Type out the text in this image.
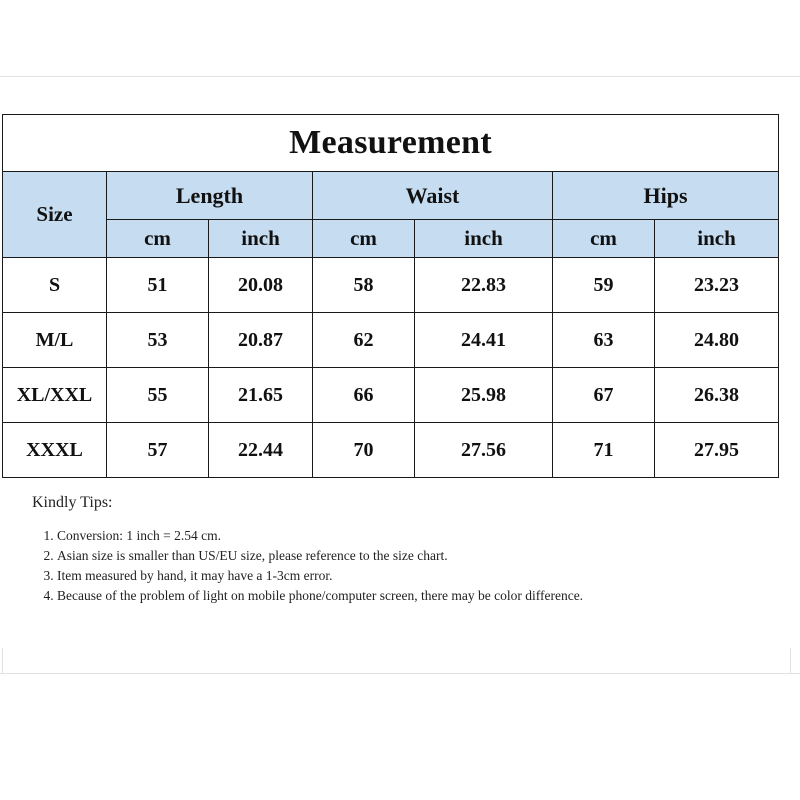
Measurement						
Size	Length		Waist		Hips	
	cm	inch	cm	inch	cm	inch
S	51	20.08	58	22.83	59	23.23
M/L	53	20.87	62	24.41	63	24.80
XL/XXL	55	21.65	66	25.98	67	26.38
XXXL	57	22.44	70	27.56	71	27.95
Kindly Tips:
1. Conversion: 1 inch = 2.54 cm.
2. Asian size is smaller than US/EU size, please reference to the size chart.
3. Item measured by hand, it may have a 1-3cm error.
4. Because of the problem of light on mobile phone/computer screen, there may be color difference.
